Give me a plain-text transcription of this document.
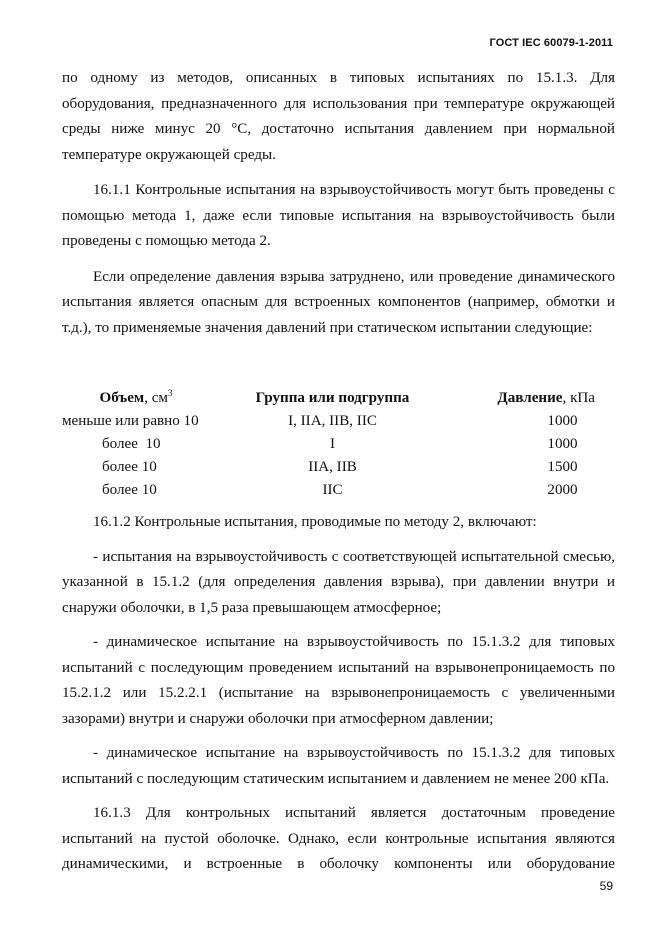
ГОСТ IEC 60079-1-2011

по одному из методов, описанных в типовых испытаниях по 15.1.3. Для оборудования, предназначенного для использования при температуре окружающей среды ниже минус 20 °С, достаточно испытания давлением при нормальной температуре окружающей среды.

16.1.1 Контрольные испытания на взрывоустойчивость могут быть проведены с помощью метода 1, даже если типовые испытания на взрывоустойчивость были проведены с помощью метода 2.

Если определение давления взрыва затруднено, или проведение динамического испытания является опасным для встроенных компонентов (например, обмотки и т.д.), то применяемые значения давлений при статическом испытании следующие:

Объем, $см^3$	Группа или подгруппа	Давление, кПа
меньше или равно 10	I, IIA, IIB, IIC	1000
более  10	I	1000
более 10	IIA, IIB	1500
более 10	IIC	2000

16.1.2 Контрольные испытания, проводимые по методу 2, включают:

- испытания на взрывоустойчивость с соответствующей испытательной смесью, указанной в 15.1.2 (для определения давления взрыва), при давлении внутри и снаружи оболочки, в 1,5 раза превышающем атмосферное;

- динамическое испытание на взрывоустойчивость по 15.1.3.2 для типовых испытаний с последующим проведением испытаний на взрывонепроницаемость по 15.2.1.2 или 15.2.2.1 (испытание на взрывонепроницаемость с увеличенными зазорами) внутри и снаружи оболочки при атмосферном давлении;

- динамическое испытание на взрывоустойчивость по 15.1.3.2 для типовых испытаний с последующим статическим испытанием и давлением не менее 200 кПа.

16.1.3 Для контрольных испытаний является достаточным проведение испытаний на пустой оболочке. Однако, если контрольные испытания являются динамическими, и встроенные в оболочку компоненты или оборудование

59
